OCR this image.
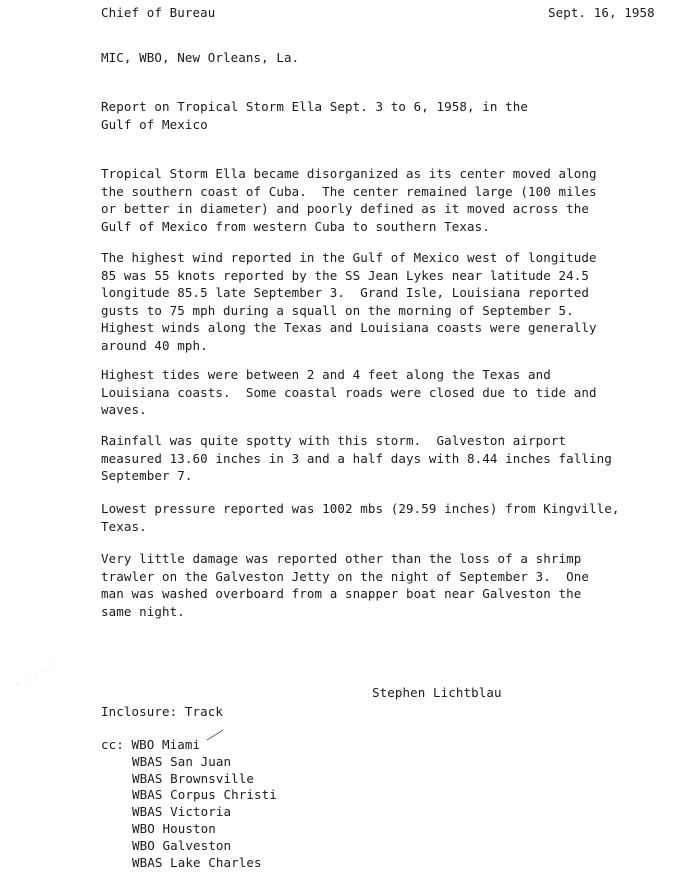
Chief of Bureau	Sept. 16, 1958
MIC, WBO, New Orleans, La.
Report on Tropical Storm Ella Sept. 3 to 6, 1958, in the
Gulf of Mexico
Tropical Storm Ella became disorganized as its center moved along
the southern coast of Cuba.  The center remained large (100 miles
or better in diameter) and poorly defined as it moved across the
Gulf of Mexico from western Cuba to southern Texas.
The highest wind reported in the Gulf of Mexico west of longitude
85 was 55 knots reported by the SS Jean Lykes near latitude 24.5
longitude 85.5 late September 3.  Grand Isle, Louisiana reported
gusts to 75 mph during a squall on the morning of September 5.
Highest winds along the Texas and Louisiana coasts were generally
around 40 mph.
Highest tides were between 2 and 4 feet along the Texas and
Louisiana coasts.  Some coastal roads were closed due to tide and
waves.
Rainfall was quite spotty with this storm.  Galveston airport
measured 13.60 inches in 3 and a half days with 8.44 inches falling
September 7.
Lowest pressure reported was 1002 mbs (29.59 inches) from Kingville,
Texas.
Very little damage was reported other than the loss of a shrimp
trawler on the Galveston Jetty on the night of September 3.  One
man was washed overboard from a snapper boat near Galveston the
same night.
Stephen Lichtblau
Inclosure: Track
cc: WBO Miami
WBAS San Juan
WBAS Brownsville
WBAS Corpus Christi
WBAS Victoria
WBO Houston
WBO Galveston
WBAS Lake Charles
